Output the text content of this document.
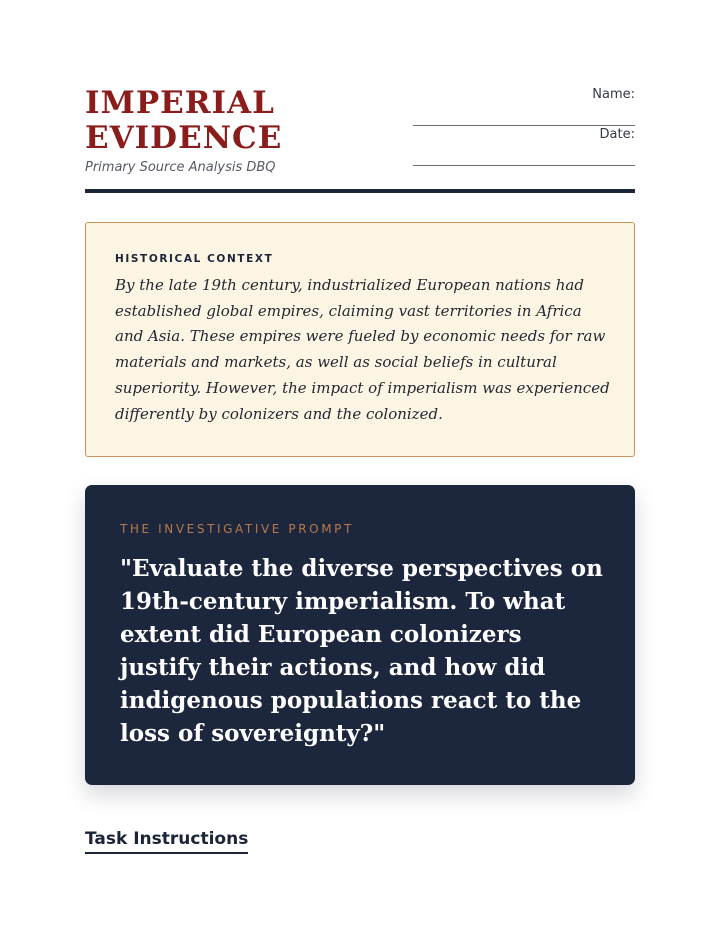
IMPERIAL
EVIDENCE

Primary Source Analysis DBQ

Name:
Date:
HISTORICAL CONTEXT

By the late 19th century, industrialized European nations had established global empires, claiming vast territories in Africa and Asia. These empires were fueled by economic needs for raw materials and markets, as well as social beliefs in cultural superiority. However, the impact of imperialism was experienced differently by colonizers and the colonized.

THE INVESTIGATIVE PROMPT

"Evaluate the diverse perspectives on 19th-century imperialism. To what extent did European colonizers justify their actions, and how did indigenous populations react to the loss of sovereignty?"

Task Instructions
